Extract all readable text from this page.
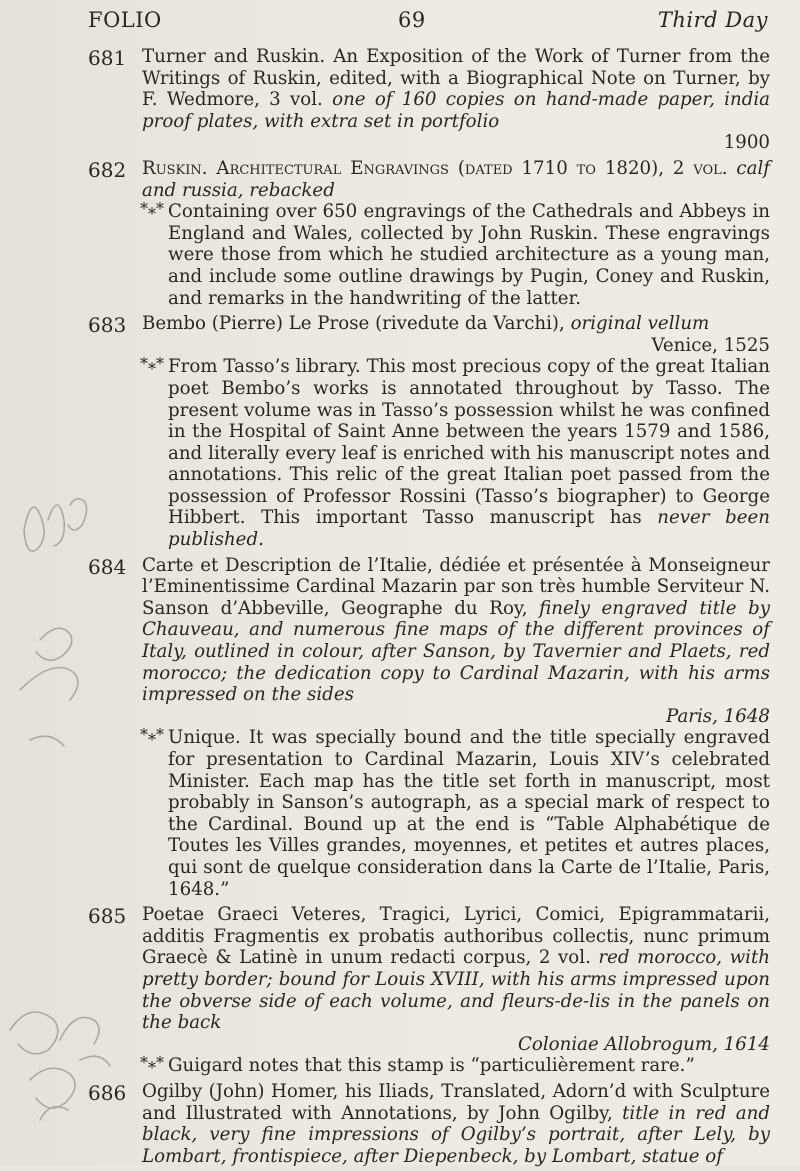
FOLIO	69	Third Day
681 Turner and Ruskin. An Exposition of the Work of Turner from the Writings of Ruskin, edited, with a Biographical Note on Turner, by F. Wedmore, 3 vol. one of 160 copies on hand-made paper, india proof plates, with extra set in portfolio
1900
682 Ruskin. Architectural Engravings (dated 1710 to 1820), 2 vol. calf and russia, rebacked
*⁎* Containing over 650 engravings of the Cathedrals and Abbeys in England and Wales, collected by John Ruskin. These engravings were those from which he studied architecture as a young man, and include some outline drawings by Pugin, Coney and Ruskin, and remarks in the handwriting of the latter.
683 Bembo (Pierre) Le Prose (rivedute da Varchi), original vellum
Venice, 1525
*⁎* From Tasso’s library. This most precious copy of the great Italian poet Bembo’s works is annotated throughout by Tasso. The present volume was in Tasso’s possession whilst he was confined in the Hospital of Saint Anne between the years 1579 and 1586, and literally every leaf is enriched with his manuscript notes and annotations. This relic of the great Italian poet passed from the possession of Professor Rossini (Tasso’s biographer) to George Hibbert. This important Tasso manuscript has never been published.
684 Carte et Description de l’Italie, dédiée et présentée à Monseigneur l’Eminentissime Cardinal Mazarin par son très humble Serviteur N. Sanson d’Abbeville, Geographe du Roy, finely engraved title by Chauveau, and numerous fine maps of the different provinces of Italy, outlined in colour, after Sanson, by Tavernier and Plaets, red morocco; the dedication copy to Cardinal Mazarin, with his arms impressed on the sides
Paris, 1648
*⁎* Unique. It was specially bound and the title specially engraved for presentation to Cardinal Mazarin, Louis XIV’s celebrated Minister. Each map has the title set forth in manuscript, most probably in Sanson’s autograph, as a special mark of respect to the Cardinal. Bound up at the end is “Table Alphabétique de Toutes les Villes grandes, moyennes, et petites et autres places, qui sont de quelque consideration dans la Carte de l’Italie, Paris, 1648.”
685 Poetae Graeci Veteres, Tragici, Lyrici, Comici, Epigrammatarii, additis Fragmentis ex probatis authoribus collectis, nunc primum Graecè & Latinè in unum redacti corpus, 2 vol. red morocco, with pretty border; bound for Louis XVIII, with his arms impressed upon the obverse side of each volume, and fleurs-de-lis in the panels on the back
Coloniae Allobrogum, 1614
*⁎* Guigard notes that this stamp is “particulièrement rare.”
686 Ogilby (John) Homer, his Iliads, Translated, Adorn’d with Sculpture and Illustrated with Annotations, by John Ogilby, title in red and black, very fine impressions of Ogilby’s portrait, after Lely, by Lombart, frontispiece, after Diepenbeck, by Lombart, statue of
